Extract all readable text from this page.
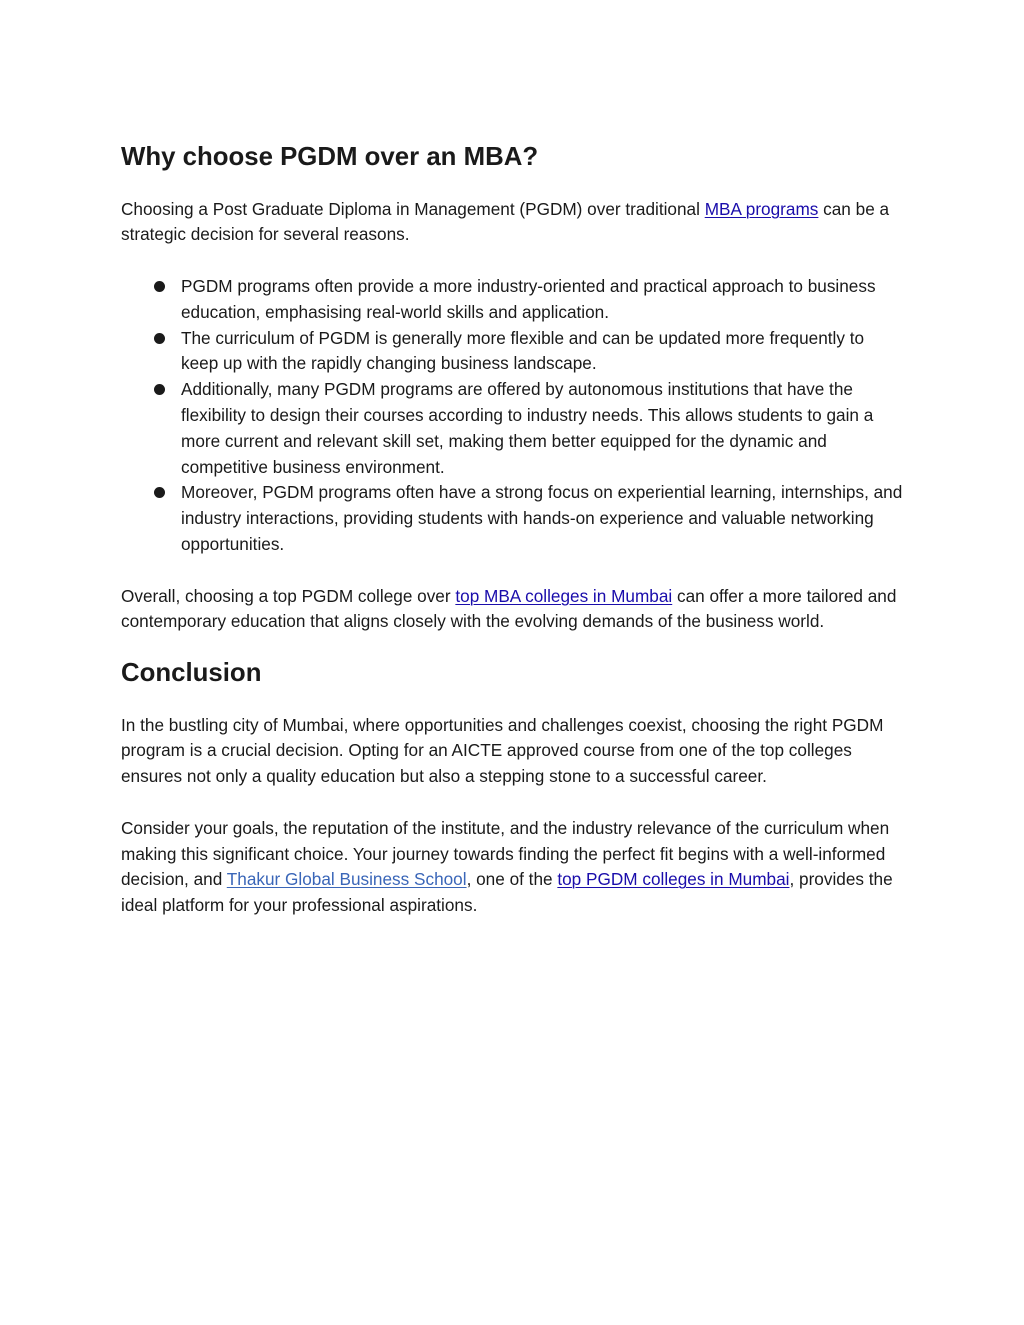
Why choose PGDM over an MBA?

Choosing a Post Graduate Diploma in Management (PGDM) over traditional MBA programs can be a strategic decision for several reasons.

PGDM programs often provide a more industry-oriented and practical approach to business education, emphasising real-world skills and application.
The curriculum of PGDM is generally more flexible and can be updated more frequently to keep up with the rapidly changing business landscape.
Additionally, many PGDM programs are offered by autonomous institutions that have the flexibility to design their courses according to industry needs. This allows students to gain a more current and relevant skill set, making them better equipped for the dynamic and competitive business environment.
Moreover, PGDM programs often have a strong focus on experiential learning, internships, and industry interactions, providing students with hands-on experience and valuable networking opportunities.

Overall, choosing a top PGDM college over top MBA colleges in Mumbai can offer a more tailored and contemporary education that aligns closely with the evolving demands of the business world.

Conclusion

In the bustling city of Mumbai, where opportunities and challenges coexist, choosing the right PGDM program is a crucial decision. Opting for an AICTE approved course from one of the top colleges ensures not only a quality education but also a stepping stone to a successful career.

Consider your goals, the reputation of the institute, and the industry relevance of the curriculum when making this significant choice. Your journey towards finding the perfect fit begins with a well-informed decision, and Thakur Global Business School, one of the top PGDM colleges in Mumbai, provides the ideal platform for your professional aspirations.
